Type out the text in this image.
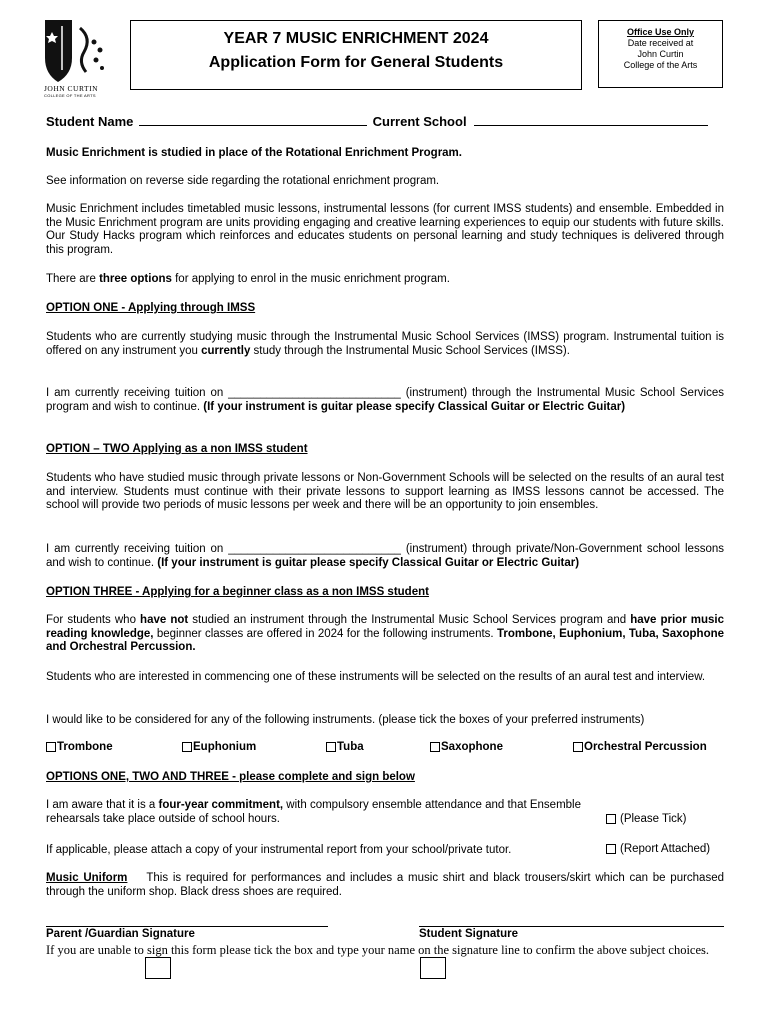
JOHN CURTIN
COLLEGE OF THE ARTS
YEAR 7 MUSIC ENRICHMENT 2024
Application Form for General Students
Office Use Only
Date received at
John Curtin
College of the Arts
Student Name	Current School

Music Enrichment is studied in place of the Rotational Enrichment Program.

See information on reverse side regarding the rotational enrichment program.

Music Enrichment includes timetabled music lessons, instrumental lessons (for current IMSS students) and ensemble. Embedded in the Music Enrichment program are units providing engaging and creative learning experiences to equip our students with future skills. Our Study Hacks program which reinforces and educates students on personal learning and study techniques is delivered through this program.

There are three options for applying to enrol in the music enrichment program.

OPTION ONE - Applying through IMSS

Students who are currently studying music through the Instrumental Music School Services (IMSS) program. Instrumental tuition is offered on any instrument you currently study through the Instrumental Music School Services (IMSS).

I am currently receiving tuition on ___________________________ (instrument) through the Instrumental Music School Services program and wish to continue. (If your instrument is guitar please specify Classical Guitar or Electric Guitar)

OPTION – TWO Applying as a non IMSS student

Students who have studied music through private lessons or Non-Government Schools will be selected on the results of an aural test and interview. Students must continue with their private lessons to support learning as IMSS lessons cannot be accessed. The school will provide two periods of music lessons per week and there will be an opportunity to join ensembles.

I am currently receiving tuition on ___________________________ (instrument) through private/Non-Government school lessons and wish to continue. (If your instrument is guitar please specify Classical Guitar or Electric Guitar)

OPTION THREE - Applying for a beginner class as a non IMSS student

For students who have not studied an instrument through the Instrumental Music School Services program and have prior music reading knowledge, beginner classes are offered in 2024 for the following instruments. Trombone, Euphonium, Tuba, Saxophone and Orchestral Percussion.

Students who are interested in commencing one of these instruments will be selected on the results of an aural test and interview.

I would like to be considered for any of the following instruments. (please tick the boxes of your preferred instruments)

Trombone	Euphonium	Tuba	Saxophone	Orchestral Percussion

OPTIONS ONE, TWO AND THREE - please complete and sign below

I am aware that it is a four-year commitment, with compulsory ensemble attendance and that Ensemble rehearsals take place outside of school hours.	(Please Tick)

If applicable, please attach a copy of your instrumental report from your school/private tutor.	(Report Attached)

Music Uniform This is required for performances and includes a music shirt and black trousers/skirt which can be purchased through the uniform shop. Black dress shoes are required.

Parent /Guardian Signature	Student Signature

If you are unable to sign this form please tick the box and type your name on the signature line to confirm the above subject choices.
